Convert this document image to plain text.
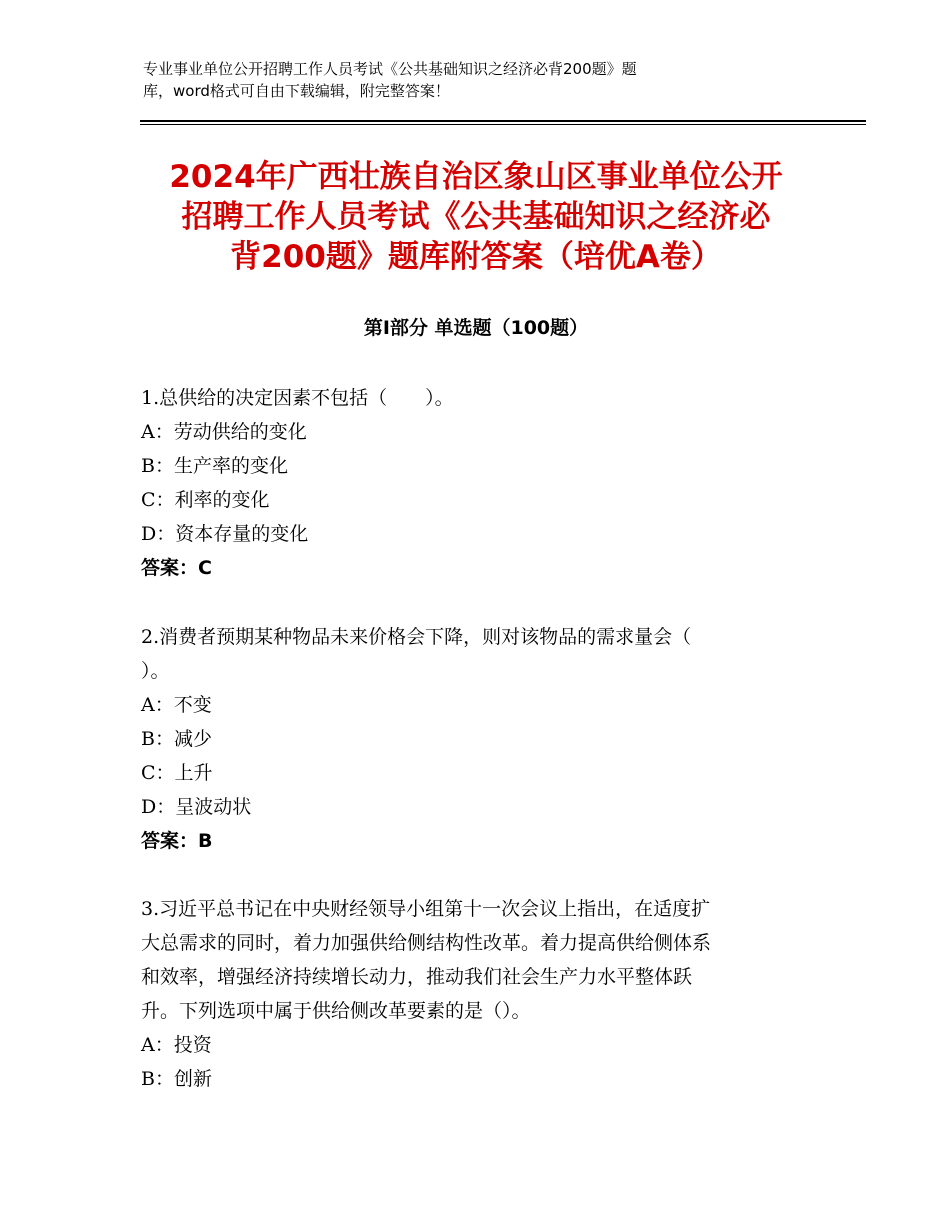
专业事业单位公开招聘工作人员考试《公共基础知识之经济必背200题》题
库，word格式可自由下载编辑，附完整答案！
2024年广西壮族自治区象山区事业单位公开
招聘工作人员考试《公共基础知识之经济必
背200题》题库附答案（培优A卷）
第Ⅰ部分 单选题（100题）
1.总供给的决定因素不包括（　　）。
A：劳动供给的变化
B：生产率的变化
C：利率的变化
D：资本存量的变化
答案：C
2.消费者预期某种物品未来价格会下降，则对该物品的需求量会（
）。
A：不变
B：减少
C：上升
D：呈波动状
答案：B
3.习近平总书记在中央财经领导小组第十一次会议上指出，在适度扩
大总需求的同时，着力加强供给侧结构性改革。着力提高供给侧体系
和效率，增强经济持续增长动力，推动我们社会生产力水平整体跃
升。下列选项中属于供给侧改革要素的是（）。
A：投资
B：创新
